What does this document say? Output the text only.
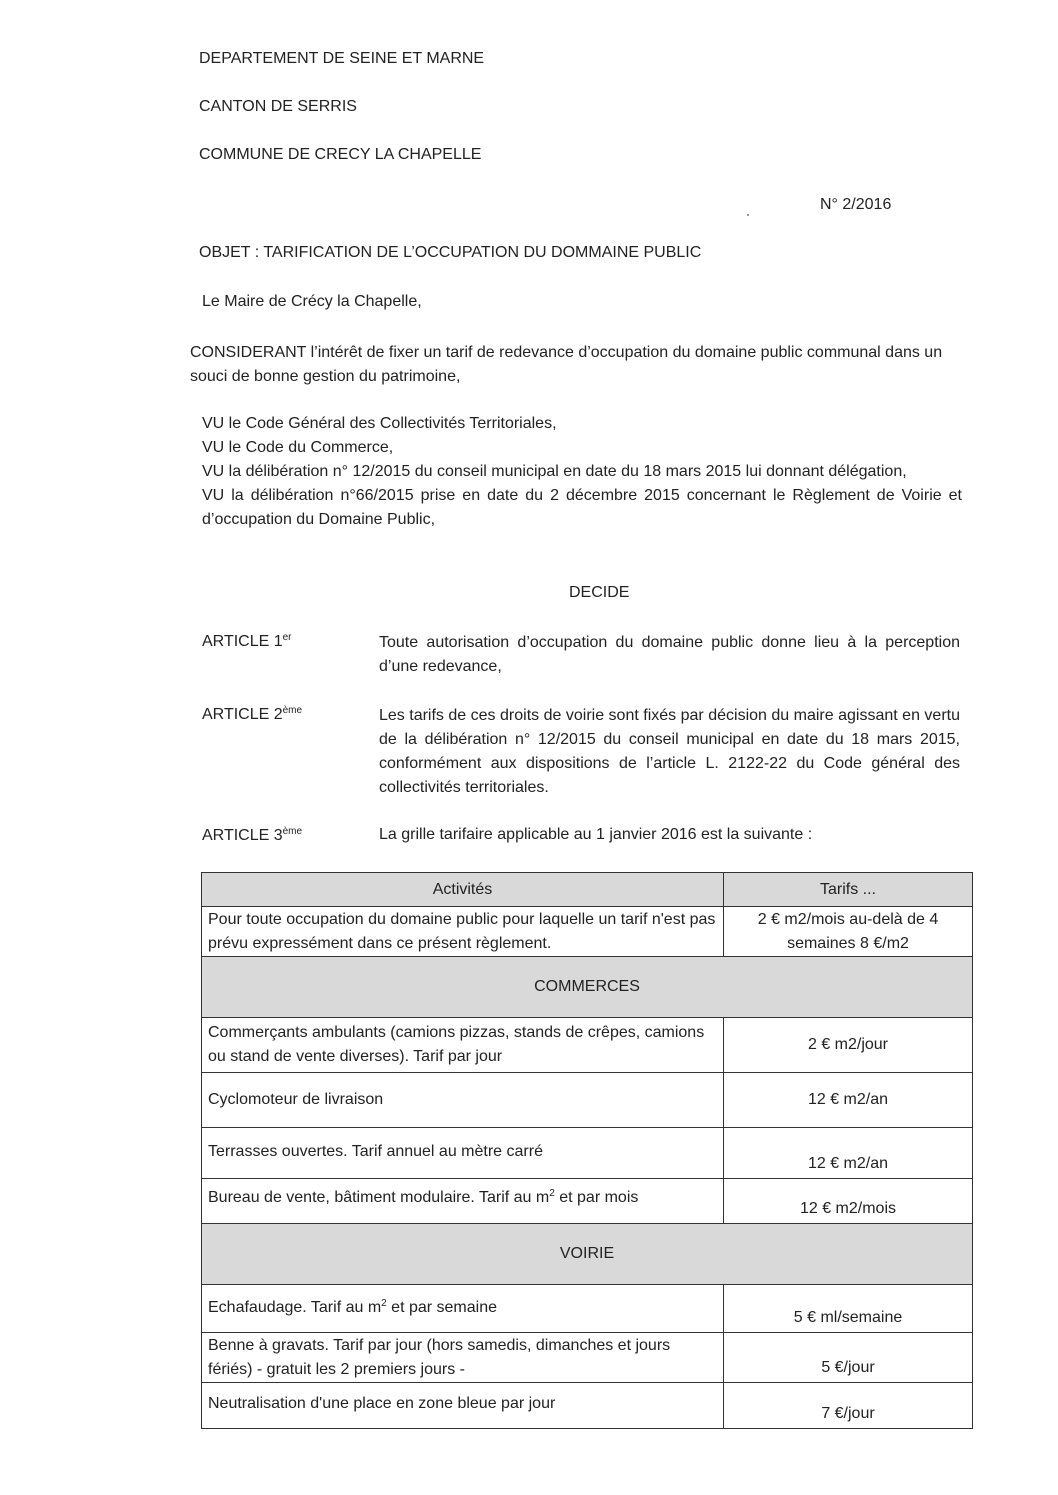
DEPARTEMENT DE SEINE ET MARNE
CANTON DE SERRIS
COMMUNE DE CRECY LA CHAPELLE
N° 2/2016
OBJET : TARIFICATION DE L’OCCUPATION DU DOMMAINE PUBLIC
Le Maire de Crécy la Chapelle,
CONSIDERANT l’intérêt de fixer un tarif de redevance d’occupation du domaine public communal dans un souci de bonne gestion du patrimoine,
VU le Code Général des Collectivités Territoriales,
VU le Code du Commerce,
VU la délibération n° 12/2015 du conseil municipal en date du 18 mars 2015 lui donnant délégation,
VU la délibération n°66/2015 prise en date du 2 décembre 2015 concernant le Règlement de Voirie et d’occupation du Domaine Public,
DECIDE
ARTICLE 1er	Toute autorisation d’occupation du domaine public donne lieu à la perception d’une redevance,
ARTICLE 2ème	Les tarifs de ces droits de voirie sont fixés par décision du maire agissant en vertu de la délibération n° 12/2015 du conseil municipal en date du 18 mars 2015, conformément aux dispositions de l’article L. 2122-22 du Code général des collectivités territoriales.
ARTICLE 3ème	La grille tarifaire applicable au 1 janvier 2016 est la suivante :
Activités	Tarifs ...
Pour toute occupation du domaine public pour laquelle un tarif n'est pas prévu expressément dans ce présent règlement.	2 € m2/mois au-delà de 4 semaines 8 €/m2
COMMERCES	
Commerçants ambulants (camions pizzas, stands de crêpes, camions ou stand de vente diverses). Tarif par jour	2 € m2/jour
Cyclomoteur de livraison	12 € m2/an
Terrasses ouvertes. Tarif annuel au mètre carré	12 € m2/an
Bureau de vente, bâtiment modulaire. Tarif au $m^2$ et par mois	12 € m2/mois
VOIRIE	
Echafaudage. Tarif au $m^2$ et par semaine	5 € ml/semaine
Benne à gravats. Tarif par jour (hors samedis, dimanches et jours fériés) - gratuit les 2 premiers jours -	5 €/jour
Neutralisation d'une place en zone bleue par jour	7 €/jour
